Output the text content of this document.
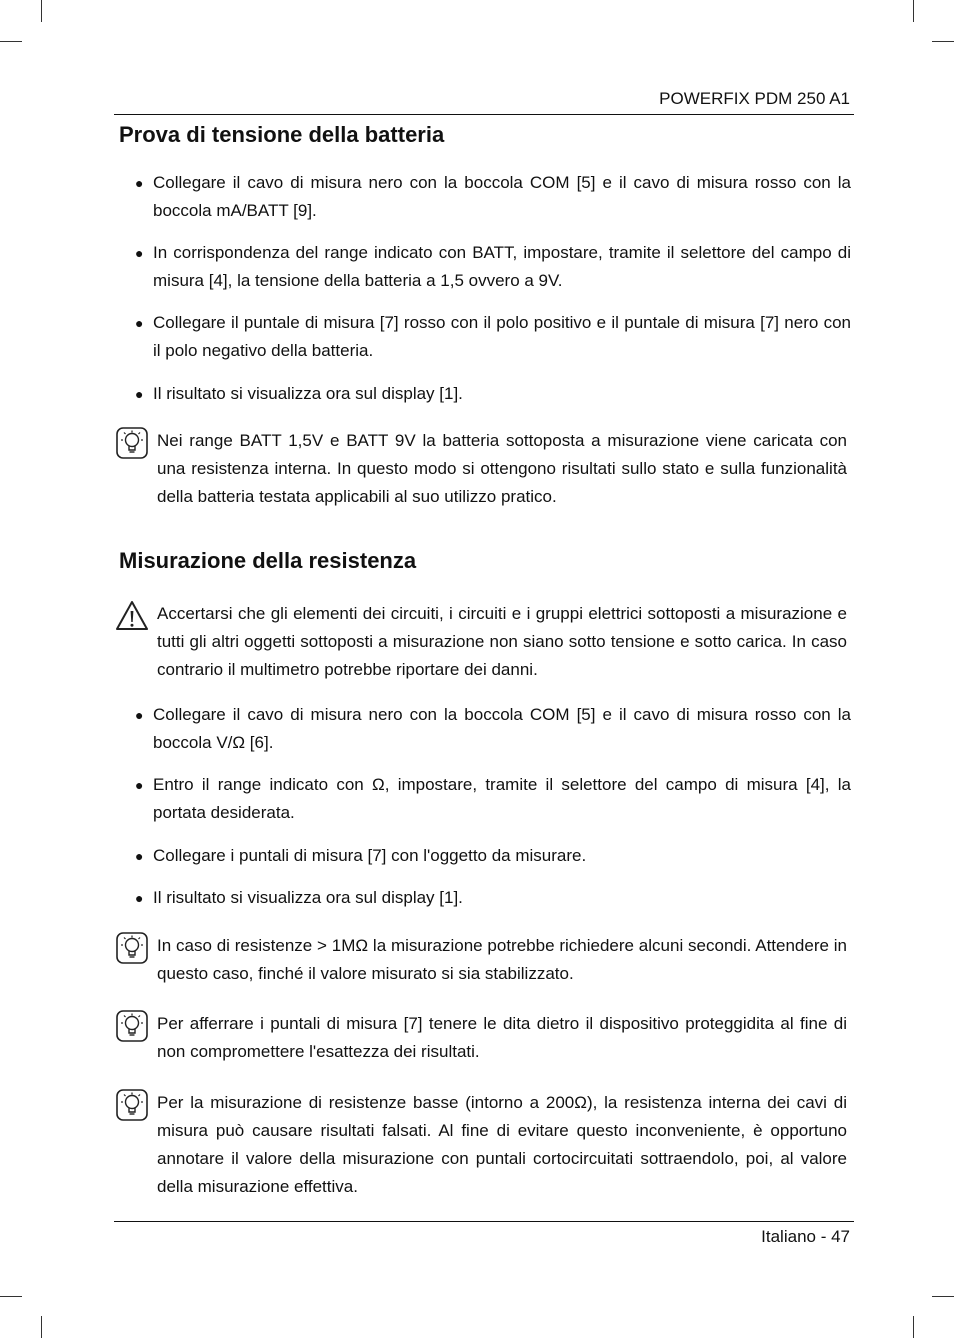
POWERFIX PDM 250 A1
Prova di tensione della batteria
● Collegare il cavo di misura nero con la boccola COM [5] e il cavo di misura rosso con la boccola mA/BATT [9].
● In corrispondenza del range indicato con BATT, impostare, tramite il selettore del campo di misura [4], la tensione della batteria a 1,5 ovvero a 9V.
● Collegare il puntale di misura [7] rosso con il polo positivo e il puntale di misura [7] nero con il polo negativo della batteria.
● Il risultato si visualizza ora sul display [1].
Nei range BATT 1,5V e BATT 9V la batteria sottoposta a misurazione viene caricata con una resistenza interna. In questo modo si ottengono risultati sullo stato e sulla funzionalità della batteria testata applicabili al suo utilizzo pratico.
Misurazione della resistenza
Accertarsi che gli elementi dei circuiti, i circuiti e i gruppi elettrici sottoposti a misurazione e tutti gli altri oggetti sottoposti a misurazione non siano sotto tensione e sotto carica. In caso contrario il multimetro potrebbe riportare dei danni.
● Collegare il cavo di misura nero con la boccola COM [5] e il cavo di misura rosso con la boccola V/Ω [6].
● Entro il range indicato con Ω, impostare, tramite il selettore del campo di misura [4], la portata desiderata.
● Collegare i puntali di misura [7] con l'oggetto da misurare.
● Il risultato si visualizza ora sul display [1].
In caso di resistenze > 1MΩ la misurazione potrebbe richiedere alcuni secondi. Attendere in questo caso, finché il valore misurato si sia stabilizzato.
Per afferrare i puntali di misura [7] tenere le dita dietro il dispositivo proteggidita al fine di non compromettere l'esattezza dei risultati.
Per la misurazione di resistenze basse (intorno a 200Ω), la resistenza interna dei cavi di misura può causare risultati falsati. Al fine di evitare questo inconveniente, è opportuno annotare il valore della misurazione con puntali cortocircuitati sottraendolo, poi, al valore della misurazione effettiva.
Italiano - 47
